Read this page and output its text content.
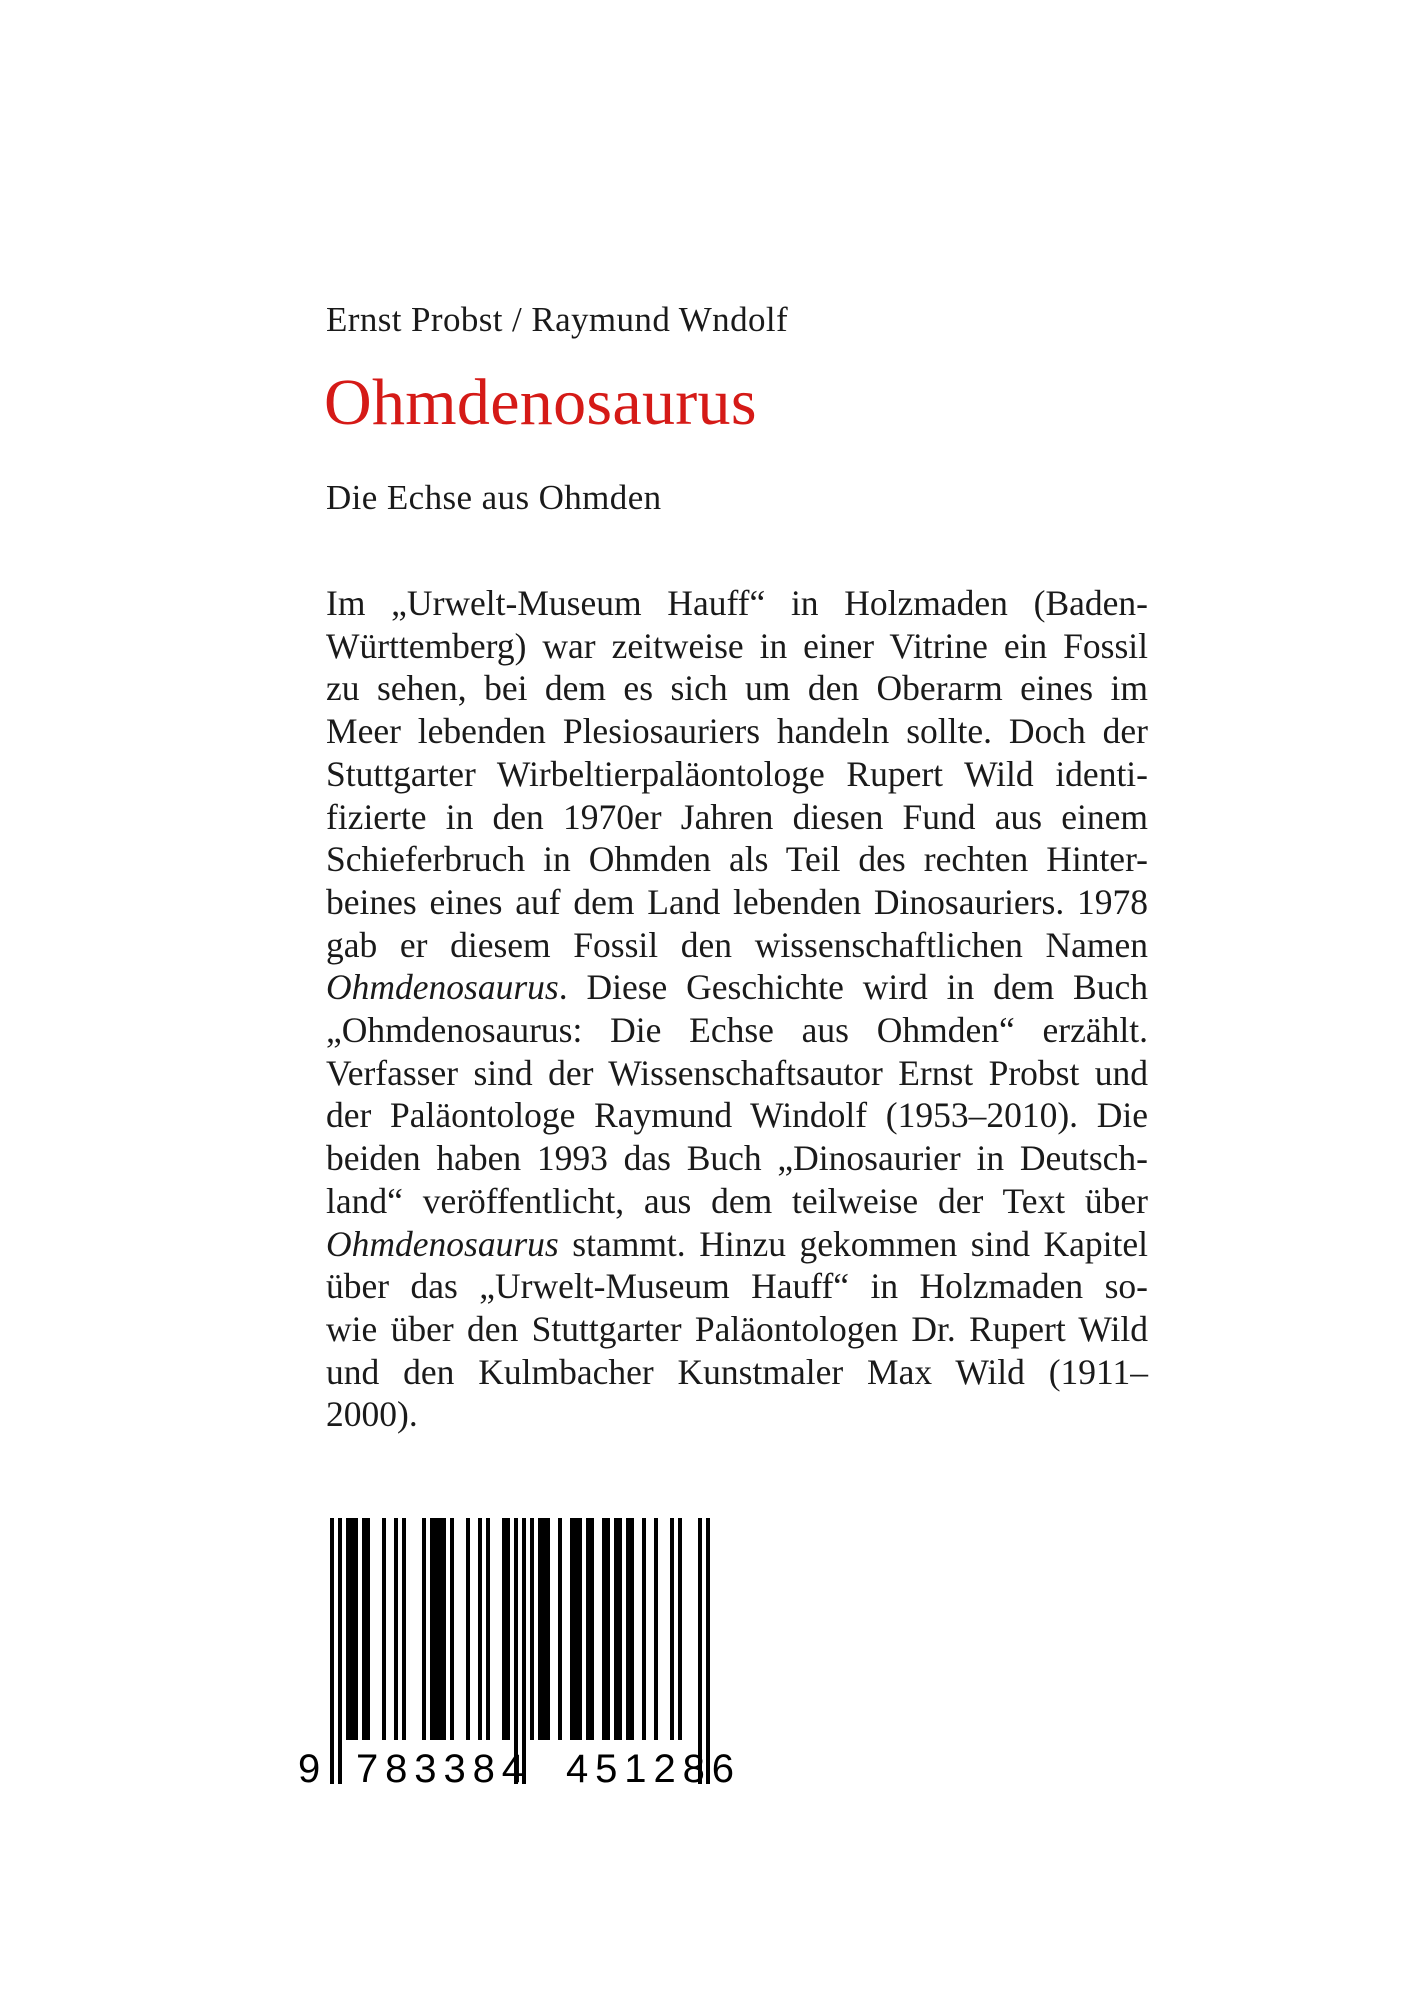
Ernst Probst / Raymund Wndolf
Ohmdenosaurus
Die Echse aus Ohmden
Im „Urwelt-Museum Hauff“ in Holzmaden (Baden-
Württemberg) war zeitweise in einer Vitrine ein Fossil
zu sehen, bei dem es sich um den Oberarm eines im
Meer lebenden Plesiosauriers handeln sollte. Doch der
Stuttgarter Wirbeltierpaläontologe Rupert Wild identi-
fizierte in den 1970er Jahren diesen Fund aus einem
Schieferbruch in Ohmden als Teil des rechten Hinter-
beines eines auf dem Land lebenden Dinosauriers. 1978
gab er diesem Fossil den wissenschaftlichen Namen
Ohmdenosaurus. Diese Geschichte wird in dem Buch
„Ohmdenosaurus: Die Echse aus Ohmden“ erzählt.
Verfasser sind der Wissenschaftsautor Ernst Probst und
der Paläontologe Raymund Windolf (1953–2010). Die
beiden haben 1993 das Buch „Dinosaurier in Deutsch-
land“ veröffentlicht, aus dem teilweise der Text über
Ohmdenosaurus stammt. Hinzu gekommen sind Kapitel
über das „Urwelt-Museum Hauff“ in Holzmaden so-
wie über den Stuttgarter Paläontologen Dr. Rupert Wild
und den Kulmbacher Kunstmaler Max Wild (1911–
2000).
9 783384 451286
